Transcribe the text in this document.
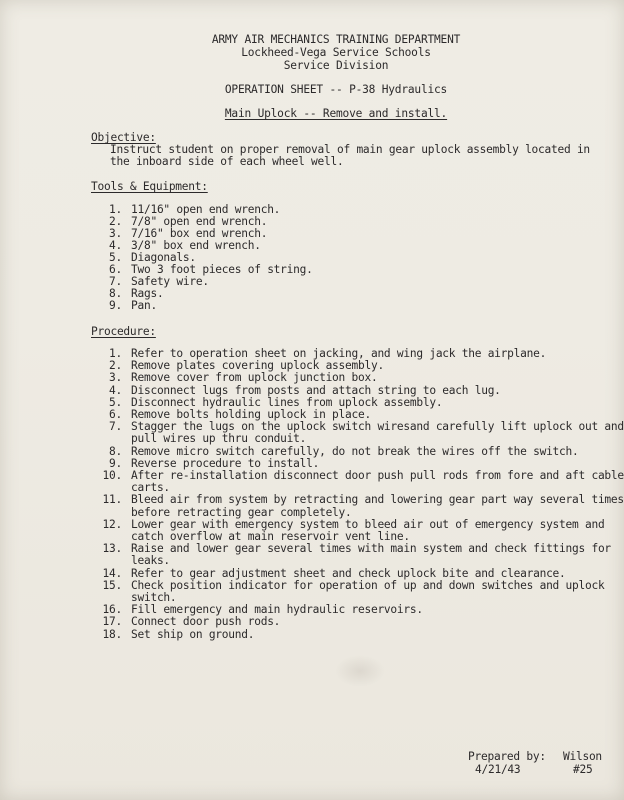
ARMY AIR MECHANICS TRAINING DEPARTMENT
Lockheed-Vega Service Schools
Service Division
OPERATION SHEET -- P-38 Hydraulics
Main Uplock -- Remove and install.
Objective:
Instruct student on proper removal of main gear uplock assembly located in
the inboard side of each wheel well.
Tools & Equipment:
1. 11/16" open end wrench.
2. 7/8" open end wrench.
3. 7/16" box end wrench.
4. 3/8" box end wrench.
5. Diagonals.
6. Two 3 foot pieces of string.
7. Safety wire.
8. Rags.
9. Pan.
Procedure:
1. Refer to operation sheet on jacking, and wing jack the airplane.
2. Remove plates covering uplock assembly.
3. Remove cover from uplock junction box.
4. Disconnect lugs from posts and attach string to each lug.
5. Disconnect hydraulic lines from uplock assembly.
6. Remove bolts holding uplock in place.
7. Stagger the lugs on the uplock switch wiresand carefully lift uplock out and
pull wires up thru conduit.
8. Remove micro switch carefully, do not break the wires off the switch.
9. Reverse procedure to install.
10. After re-installation disconnect door push pull rods from fore and aft cable
carts.
11. Bleed air from system by retracting and lowering gear part way several times
before retracting gear completely.
12. Lower gear with emergency system to bleed air out of emergency system and
catch overflow at main reservoir vent line.
13. Raise and lower gear several times with main system and check fittings for
leaks.
14. Refer to gear adjustment sheet and check uplock bite and clearance.
15. Check position indicator for operation of up and down switches and uplock
switch.
16. Fill emergency and main hydraulic reservoirs.
17. Connect door push rods.
18. Set ship on ground.
Prepared by: Wilson
4/21/43	#25
